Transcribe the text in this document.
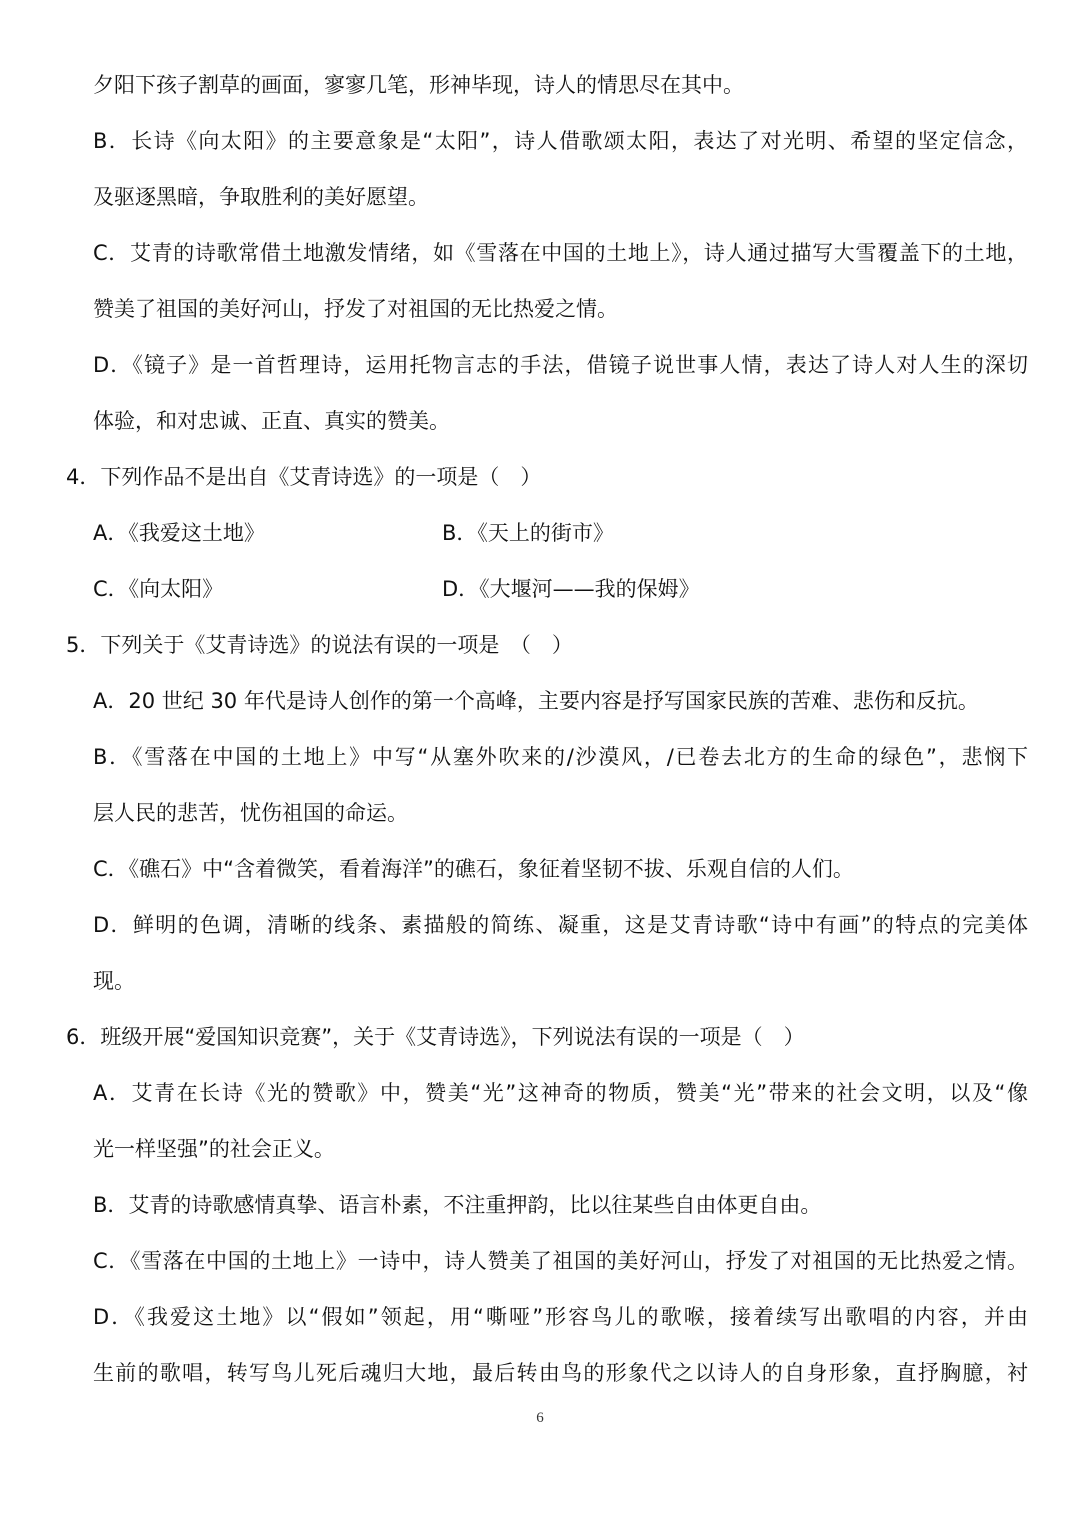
夕阳下孩子割草的画面，寥寥几笔，形神毕现，诗人的情思尽在其中。
B．长诗《向太阳》的主要意象是“太阳”，诗人借歌颂太阳，表达了对光明、希望的坚定信念，
及驱逐黑暗，争取胜利的美好愿望。
C．艾青的诗歌常借土地激发情绪，如《雪落在中国的土地上》，诗人通过描写大雪覆盖下的土地，
赞美了祖国的美好河山，抒发了对祖国的无比热爱之情。
D．《镜子》是一首哲理诗，运用托物言志的手法，借镜子说世事人情，表达了诗人对人生的深切
体验，和对忠诚、正直、真实的赞美。
4．下列作品不是出自《艾青诗选》的一项是（　）
A．《我爱这土地》	B．《天上的街市》
C．《向太阳》	D．《大堰河——我的保姆》
5．下列关于《艾青诗选》的说法有误的一项是　（　）
A．20 世纪 30 年代是诗人创作的第一个高峰，主要内容是抒写国家民族的苦难、悲伤和反抗。
B．《雪落在中国的土地上》中写“从塞外吹来的/沙漠风，/已卷去北方的生命的绿色”，悲悯下
层人民的悲苦，忧伤祖国的命运。
C．《礁石》中“含着微笑，看着海洋”的礁石，象征着坚韧不拔、乐观自信的人们。
D．鲜明的色调，清晰的线条、素描般的简练、凝重，这是艾青诗歌“诗中有画”的特点的完美体
现。
6．班级开展“爱国知识竞赛”，关于《艾青诗选》，下列说法有误的一项是（　）
A．艾青在长诗《光的赞歌》中，赞美“光”这神奇的物质，赞美“光”带来的社会文明，以及“像
光一样坚强”的社会正义。
B．艾青的诗歌感情真挚、语言朴素，不注重押韵，比以往某些自由体更自由。
C．《雪落在中国的土地上》一诗中，诗人赞美了祖国的美好河山，抒发了对祖国的无比热爱之情。
D．《我爱这土地》以“假如”领起，用“嘶哑”形容鸟儿的歌喉，接着续写出歌唱的内容，并由
生前的歌唱，转写鸟儿死后魂归大地，最后转由鸟的形象代之以诗人的自身形象，直抒胸臆，衬
6
